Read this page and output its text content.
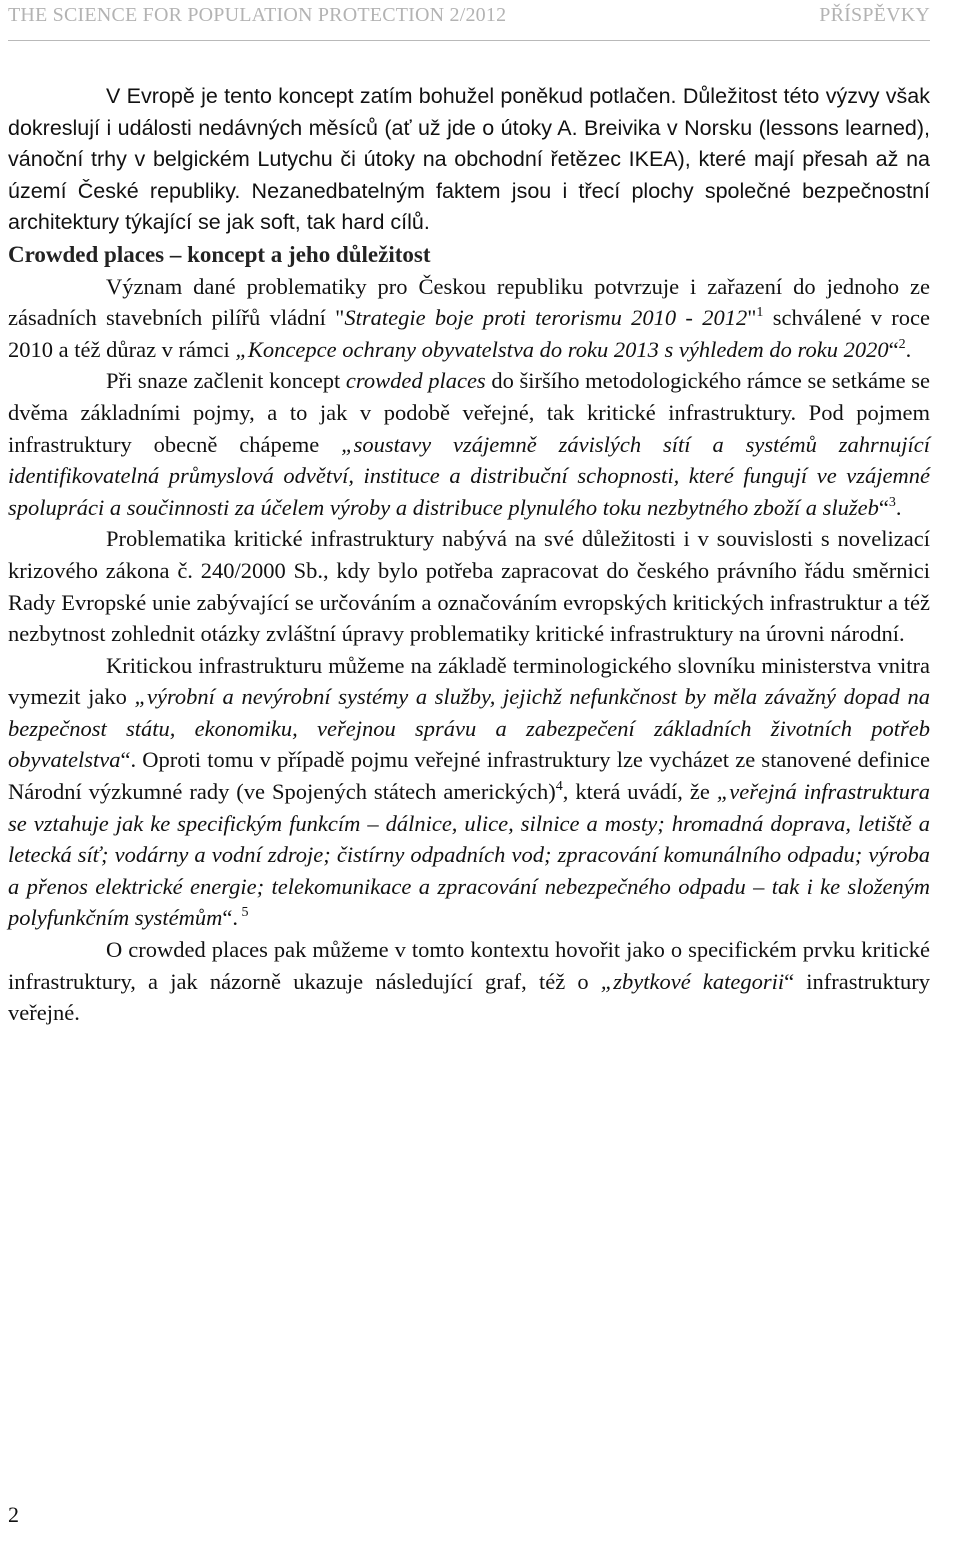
THE SCIENCE FOR POPULATION PROTECTION 2/2012	PŘÍSPĚVKY

V Evropě je tento koncept zatím bohužel poněkud potlačen. Důležitost této výzvy však dokreslují i události nedávných měsíců (ať už jde o útoky A. Breivika v Norsku (lessons learned), vánoční trhy v belgickém Lutychu či útoky na obchodní řetězec IKEA), které mají přesah až na území České republiky. Nezanedbatelným faktem jsou i třecí plochy společné bezpečnostní architektury týkající se jak soft, tak hard cílů.

Crowded places – koncept a jeho důležitost

Význam dané problematiky pro Českou republiku potvrzuje i zařazení do jednoho ze zásadních stavebních pilířů vládní "Strategie boje proti terorismu 2010 - 2012"$^1$ schválené v roce 2010 a též důraz v rámci „Koncepce ochrany obyvatelstva do roku 2013 s výhledem do roku 2020“$^2$.

Při snaze začlenit koncept crowded places do širšího metodologického rámce se setkáme se dvěma základními pojmy, a to jak v podobě veřejné, tak kritické infrastruktury. Pod pojmem infrastruktury obecně chápeme „soustavy vzájemně závislých sítí a systémů zahrnující identifikovatelná průmyslová odvětví, instituce a distribuční schopnosti, které fungují ve vzájemné spolupráci a součinnosti za účelem výroby a distribuce plynulého toku nezbytného zboží a služeb“$^3$.

Problematika kritické infrastruktury nabývá na své důležitosti i v souvislosti s novelizací krizového zákona č. 240/2000 Sb., kdy bylo potřeba zapracovat do českého právního řádu směrnici Rady Evropské unie zabývající se určováním a označováním evropských kritických infrastruktur a též nezbytnost zohlednit otázky zvláštní úpravy problematiky kritické infrastruktury na úrovni národní.

Kritickou infrastrukturu můžeme na základě terminologického slovníku ministerstva vnitra vymezit jako „výrobní a nevýrobní systémy a služby, jejichž nefunkčnost by měla závažný dopad na bezpečnost státu, ekonomiku, veřejnou správu a zabezpečení základních životních potřeb obyvatelstva“. Oproti tomu v případě pojmu veřejné infrastruktury lze vycházet ze stanovené definice Národní výzkumné rady (ve Spojených státech amerických)$^4$, která uvádí, že „veřejná infrastruktura se vztahuje jak ke specifickým funkcím – dálnice, ulice, silnice a mosty; hromadná doprava, letiště a letecká síť; vodárny a vodní zdroje; čistírny odpadních vod; zpracování komunálního odpadu; výroba a přenos elektrické energie; telekomunikace a zpracování nebezpečného odpadu – tak i ke složeným polyfunkčním systémům“. $^5$

O crowded places pak můžeme v tomto kontextu hovořit jako o specifickém prvku kritické infrastruktury, a jak názorně ukazuje následující graf, též o „zbytkové kategorii“ infrastruktury veřejné.

2
